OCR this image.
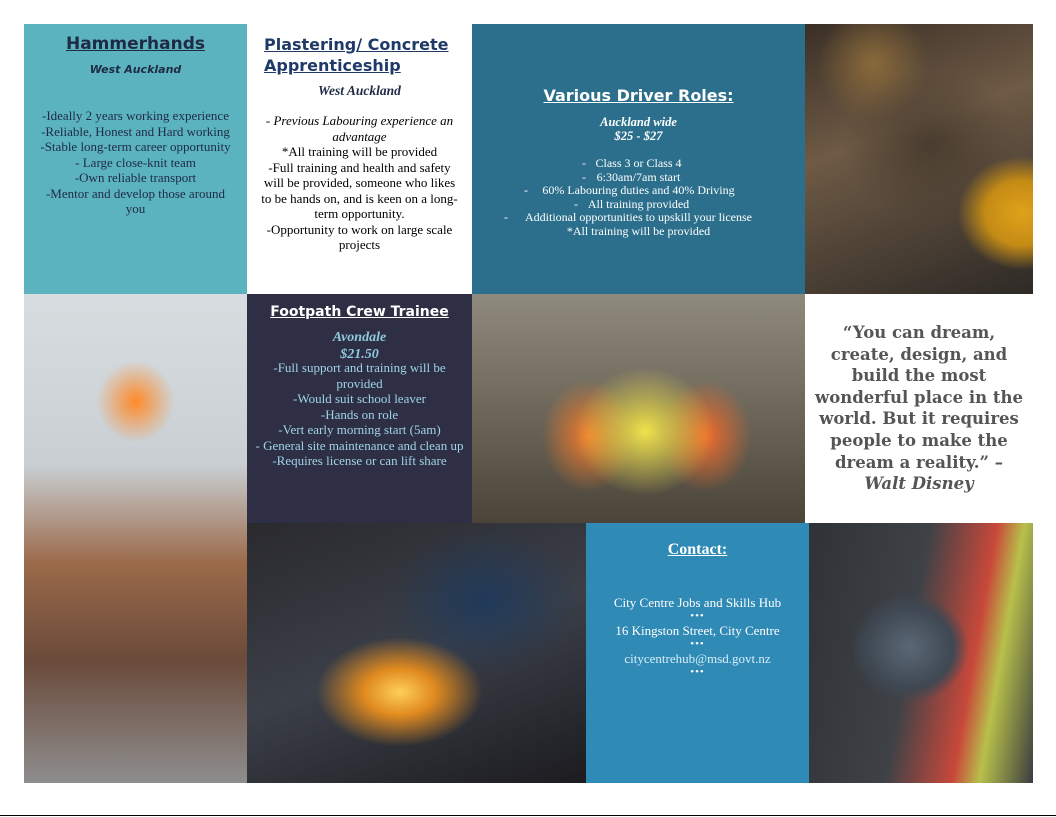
Hammerhands
West Auckland
-Ideally 2 years working experience
-Reliable, Honest and Hard working
-Stable long-term career opportunity
- Large close-knit team
-Own reliable transport
-Mentor and develop those around you
Plastering/ Concrete Apprenticeship
West Auckland
- Previous Labouring experience an advantage
*All training will be provided
-Full training and health and safety will be provided, someone who likes to be hands on, and is keen on a long-term opportunity.
-Opportunity to work on large scale projects
Various Driver Roles:
Auckland wide
$25 - $27
- Class 3 or Class 4
- 6:30am/7am start
- 60% Labouring duties and 40% Driving
- All training provided
- Additional opportunities to upskill your license
*All training will be provided
Footpath Crew Trainee
Avondale
$21.50
-Full support and training will be provided
-Would suit school leaver
-Hands on role
-Vert early morning start (5am)
- General site maintenance and clean up
-Requires license or can lift share
“You can dream, create, design, and build the most wonderful place in the world. But it requires people to make the dream a reality.” – Walt Disney
Contact:
City Centre Jobs and Skills Hub
•••
16 Kingston Street, City Centre
•••
citycentrehub@msd.govt.nz
•••
